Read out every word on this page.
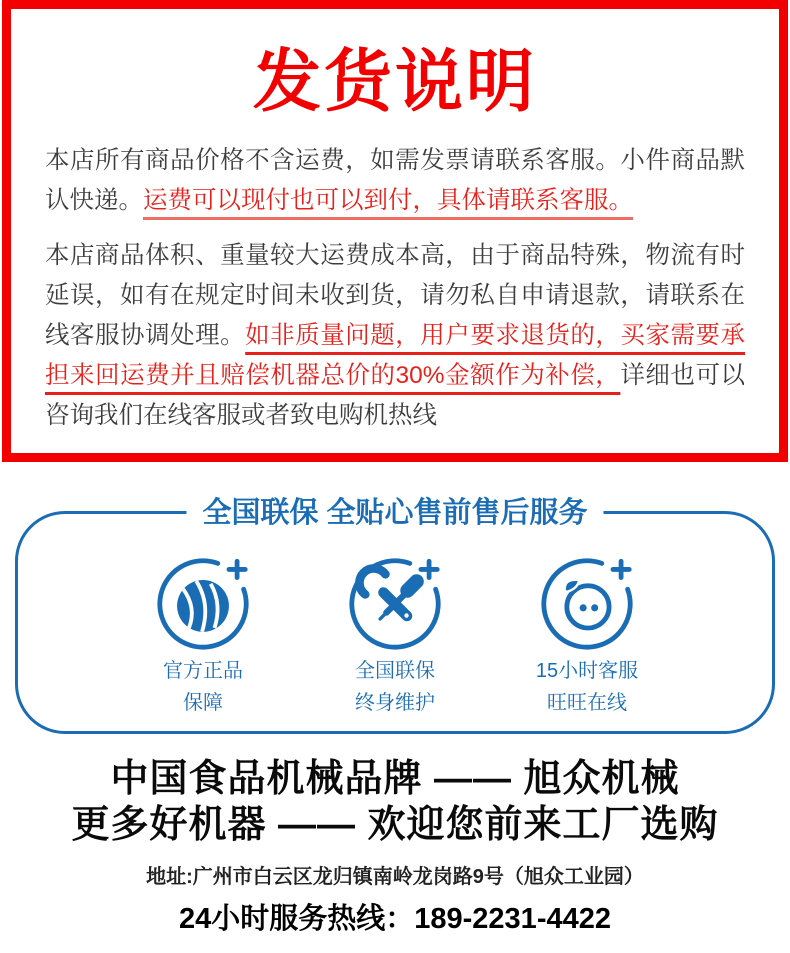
发货说明

本店所有商品价格不含运费，如需发票请联系客服。小件商品默认快递。运费可以现付也可以到付，具体请联系客服。

本店商品体积、重量较大运费成本高，由于商品特殊，物流有时延误，如有在规定时间未收到货，请勿私自申请退款，请联系在线客服协调处理。如非质量问题，用户要求退货的，买家需要承担来回运费并且赔偿机器总价的30%金额作为补偿，详细也可以咨询我们在线客服或者致电购机热线

全国联保 全贴心售前售后服务
官方正品
保障
全国联保
终身维护
15小时客服
旺旺在线

中国食品机械品牌 —— 旭众机械

更多好机器 —— 欢迎您前来工厂选购

地址:广州市白云区龙归镇南岭龙岗路9号（旭众工业园）

24小时服务热线：189-2231-4422
